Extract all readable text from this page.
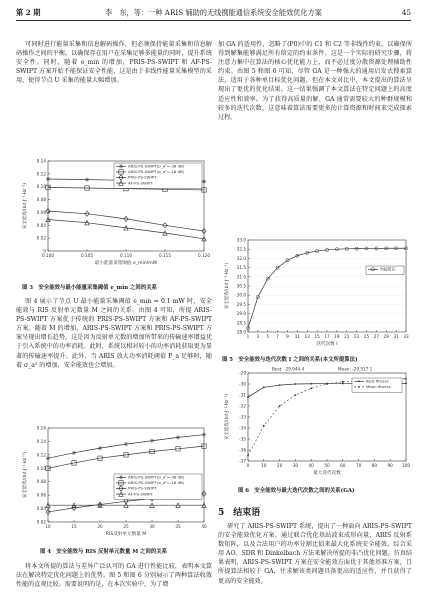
第 2 期	李　东，等：一种 ARIS 辅助的无线携能通信系统安全能效优化方案	45

可同时进行能量采集和信息解码操作，但必须保持能量采集和信息解码操作之间的平衡，以确保存在用户在采集足够多能量的同时，提升系统安全性。同时，随着 e_min 的增加，PRIS-PS-SWIPT 和 AF-PS-SWIPT 方案开始不能保证安全性能，这是由于非线性能量采集模型的采用，使得节点 U 采集的能量大幅增加。

0.14
0.12
0.10
0.08
0.06
0.04
0.02
0
0.100	0.105	0.110	0.115	0.120
最小能量采集阈值 e_min/mW
安全能效/(bit·J⁻¹·Hz⁻¹)
ARIS-PS-SWIPT(σ_a²=-36 dB)
ARIS-PS-SWIPT(σ_a²=-16 dB)
PRIS-PS-SWIPT
AF-PS-SWIPT
图 3　安全能效与最小能量采集阈值 e_min 之间的关系

图 4 展示了节点 U 最小能量采集阈值 e_min = 0.1 mW 时，安全能效与 RIS 反射单元数量 M 之间的关系。由图 4 可知，所提 ARIS-PS-SWIPT 方案优于传统的 PRIS-PS-SWIPT 方案和 AF-PS-SWIPT 方案。随着 M 的增加，ARIS-PS-SWIPT 方案和 PRIS-PS-SWIPT 方案呈现出增长趋势，这是因为反射单元数的增加所带来的传输速率增益优于引入系统中的功率消耗。此时，系统以相对较小的功率消耗获取更为显著的传输速率提升。此外，当 ARIS 放大功率消耗阈值 P_a 足够时，随着 σ_a² 的增加，安全能效也会增加。

0.16
0.14
0.12
0.10
0.08
0.06
0.04
0.02
10	15	20	25	30	35	40
RIS反射单元数量 M
安全能效/(bit·J⁻¹·Hz⁻¹)	ARIS-PS-SWIPT(σ_a²=-36 dB)
ARIS-PS-SWIPT(σ_a²=-16 dB)
PRIS-PS-SWIPT
AF-PS-SWIPT
图 4　安全能效与 RIS 反射单元数量 M 之间的关系

将本文所提的算法与差异广泛认可的 GA 进行性能比较，表明本文算法在解决特定优化问题上的优势。图 5 和图 6 分别展示了两种算法收敛性能的直观比较。需要说明的是，在本次实验中，为了增

加 GA 的适用性，忽略了(P0)中的 C1 和 C2 等非线性约束，以确保所得到解集能够满足所有给定的约束条件。这是一个实际的研究步骤，将注意力集中在算法的核心优化能力上，而不必过度分散资源处理辅助性约束。由图 5 和图 6 可知，尽管 GA 是一种强大的通用启发式搜索算法，适用于各种单目标优化问题，但在本文对比中，本文提出的算法呈现出了更优的优化结果。这一结果强调了本文算法在特定问题上的高度适应性和效率。为了获得高质量的解，GA 通常需要较大的种群规模和较多的迭代次数，这意味着算法需要更多的计算资源和时间来完成探索过程。

33.0
32.5
32.0
31.5
31.0
30.5
30.0
29.5
29.0
28.5
28.0
1 3 5 7 9 11 13 15 17 19 21 23 25 27 29 31 33
迭代次数 I
安全能效/(bit·J⁻¹·Hz⁻¹)	所提算法
图 5　安全能效与迭代次数 I 之间的关系(本文所提算法)
-29
-30
-31
-32
-33
-34
-35
-36
-37
0	10 20 30 40 50 60 70 80 90 100
最大迭代次数
安全能效/(bit·J⁻¹·Hz⁻¹)
Best fitness
Mean fitness
Best: -29.944 4	Mean: -29.517 1
图 6　安全能效与最大迭代次数之间的关系(GA)
5　结束语

研究了 ARIS-PS-SWIPT 系统，提出了一种面向 ARIS-PS-SWIPT 的安全能效优化方案。通过联合优化基站波束成形向量、ARIS 反射系数矩阵，以及合法用户的功率分割比值来最大化系统安全能效。综合采用 AO、SDR 和 Dinkelbach 方法来解决所提的非凸优化问题。仿真结果表明，ARIS-PS-SWIPT 方案在安全能效方面优于其他基准方案，且所提算法相较于 GA，往求解该类问题具备更高的适应性，并且获得了更高的安全能效。
